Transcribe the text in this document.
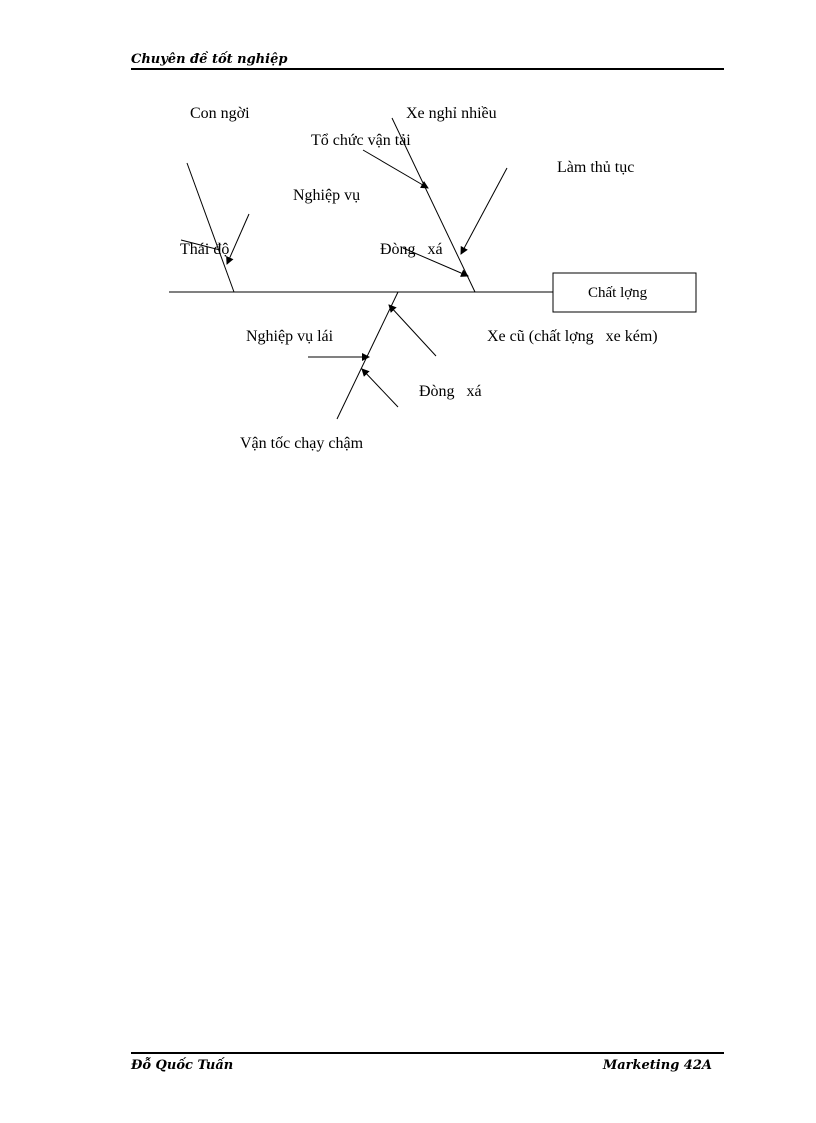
Chuyên đề tốt nghiệp
Chất lợng
Con ngời	Xe nghỉ nhiều
Tổ chức vận tải
Làm thủ tục
Nghiệp vụ
Thái độ	Đòng   xá
Nghiệp vụ lái	Xe cũ (chất lợng   xe kém)
Đòng   xá
Vận tốc chạy chậm
Đỗ Quốc Tuấn	Marketing 42A
